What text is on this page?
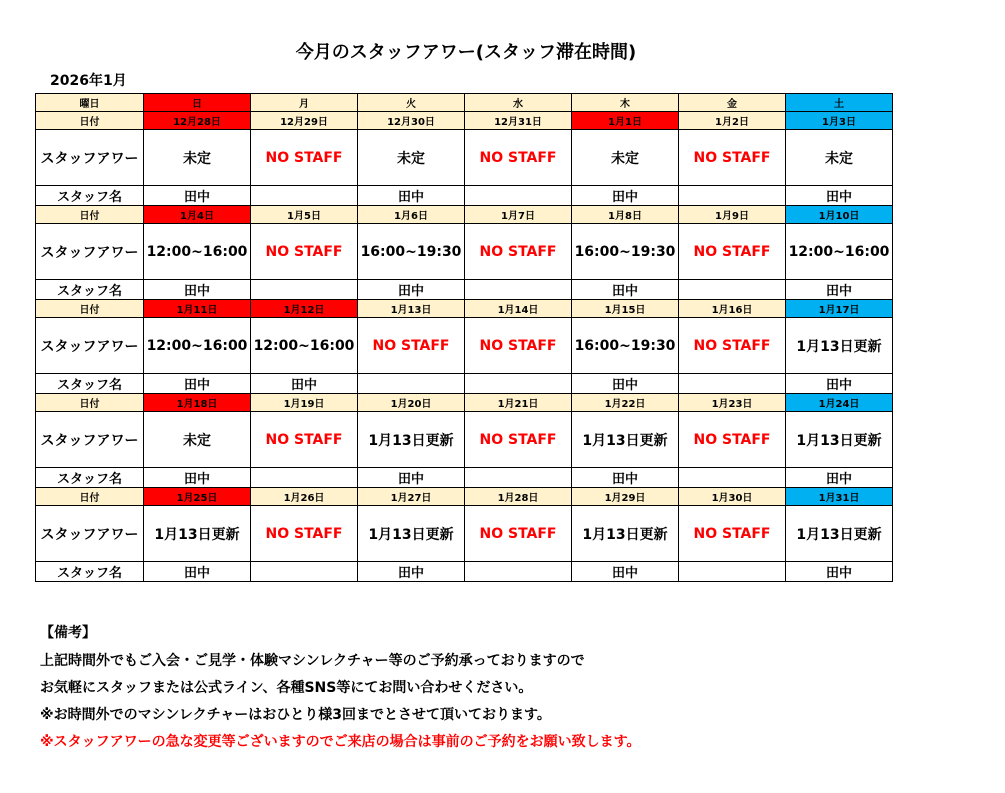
今月のスタッフアワー(スタッフ滞在時間)
2026年1月
曜日	日	月	火	水	木	金	土
日付	12月28日	12月29日	12月30日	12月31日	1月1日	1月2日	1月3日
スタッフアワー	未定	NO STAFF	未定	NO STAFF	未定	NO STAFF	未定
スタッフ名	田中		田中		田中		田中
日付	1月4日	1月5日	1月6日	1月7日	1月8日	1月9日	1月10日
スタッフアワー	12:00~16:00	NO STAFF	16:00~19:30	NO STAFF	16:00~19:30	NO STAFF	12:00~16:00
スタッフ名	田中		田中		田中		田中
日付	1月11日	1月12日	1月13日	1月14日	1月15日	1月16日	1月17日
スタッフアワー	12:00~16:00	12:00~16:00	NO STAFF	NO STAFF	16:00~19:30	NO STAFF	1月13日更新
スタッフ名	田中	田中			田中		田中
日付	1月18日	1月19日	1月20日	1月21日	1月22日	1月23日	1月24日
スタッフアワー	未定	NO STAFF	1月13日更新	NO STAFF	1月13日更新	NO STAFF	1月13日更新
スタッフ名	田中		田中		田中		田中
日付	1月25日	1月26日	1月27日	1月28日	1月29日	1月30日	1月31日
スタッフアワー	1月13日更新	NO STAFF	1月13日更新	NO STAFF	1月13日更新	NO STAFF	1月13日更新
スタッフ名	田中		田中		田中		田中
【備考】
上記時間外でもご入会・ご見学・体験マシンレクチャー等のご予約承っておりますので
お気軽にスタッフまたは公式ライン、各種SNS等にてお問い合わせください。
※お時間外でのマシンレクチャーはおひとり様3回までとさせて頂いております。
※スタッフアワーの急な変更等ございますのでご来店の場合は事前のご予約をお願い致します。
